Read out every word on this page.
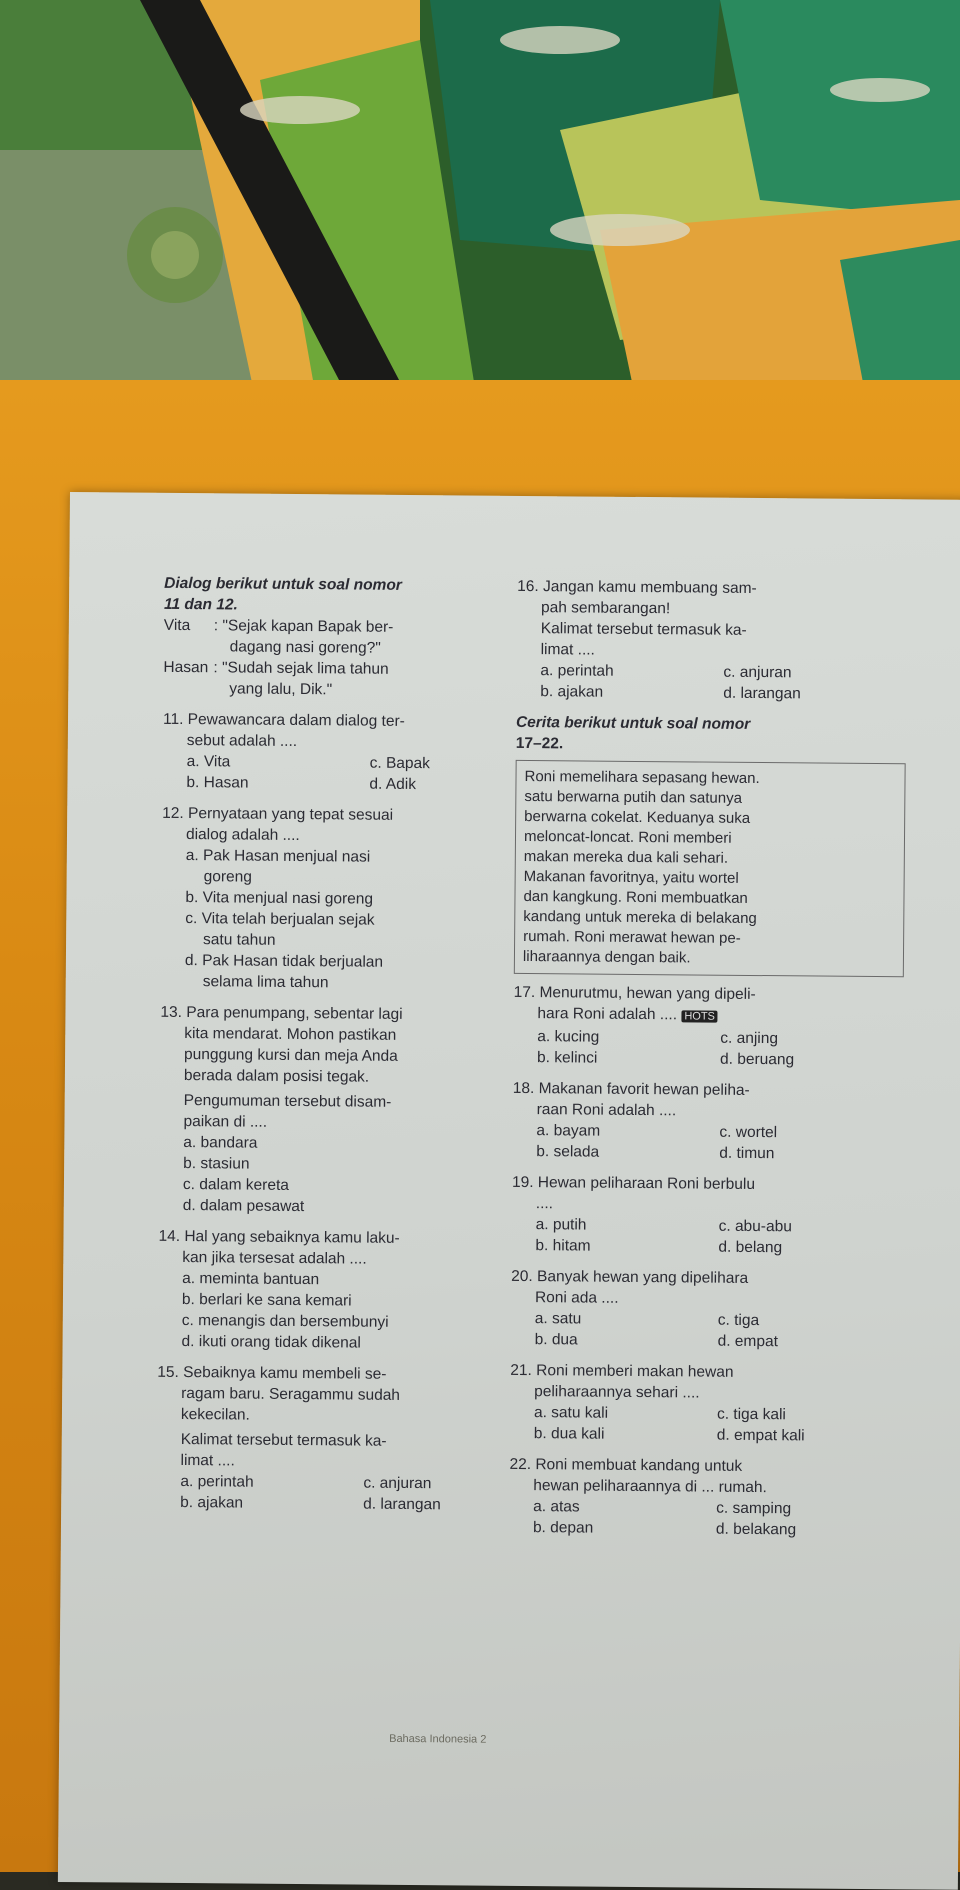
Dialog berikut untuk soal nomor
11 dan 12.
Vita	: "Sejak kapan Bapak ber-
dagang nasi goreng?"
Hasan : "Sudah sejak lima tahun
yang lalu, Dik."
11. Pewawancara dalam dialog ter-
sebut adalah ....
a. Vita	c. Bapak
b. Hasan	d. Adik
12. Pernyataan yang tepat sesuai
dialog adalah ....
a. Pak Hasan menjual nasi
goreng
b. Vita menjual nasi goreng
c. Vita telah berjualan sejak
satu tahun
d. Pak Hasan tidak berjualan
selama lima tahun
13. Para penumpang, sebentar lagi
kita mendarat. Mohon pastikan
punggung kursi dan meja Anda
berada dalam posisi tegak.
Pengumuman tersebut disam-
paikan di ....
a. bandara
b. stasiun
c. dalam kereta
d. dalam pesawat
14. Hal yang sebaiknya kamu laku-
kan jika tersesat adalah ....
a. meminta bantuan
b. berlari ke sana kemari
c. menangis dan bersembunyi
d. ikuti orang tidak dikenal
15. Sebaiknya kamu membeli se-
ragam baru. Seragammu sudah
kekecilan.
Kalimat tersebut termasuk ka-
limat ....
a. perintah	c. anjuran
b. ajakan	d. larangan
16. Jangan kamu membuang sam-
pah sembarangan!
Kalimat tersebut termasuk ka-
limat ....
a. perintah	c. anjuran
b. ajakan	d. larangan
Cerita berikut untuk soal nomor
17–22.
Roni memelihara sepasang hewan.
satu berwarna putih dan satunya
berwarna cokelat. Keduanya suka
meloncat-loncat. Roni memberi
makan mereka dua kali sehari.
Makanan favoritnya, yaitu wortel
dan kangkung. Roni membuatkan
kandang untuk mereka di belakang
rumah. Roni merawat hewan pe-
liharaannya dengan baik.
17. Menurutmu, hewan yang dipeli-
hara Roni adalah .... HOTS
a. kucing	c. anjing
b. kelinci	d. beruang
18. Makanan favorit hewan peliha-
raan Roni adalah ....
a. bayam	c. wortel
b. selada	d. timun
19. Hewan peliharaan Roni berbulu
....
a. putih	c. abu-abu
b. hitam	d. belang
20. Banyak hewan yang dipelihara
Roni ada ....
a. satu	c. tiga
b. dua	d. empat
21. Roni memberi makan hewan
peliharaannya sehari ....
a. satu kali	c. tiga kali
b. dua kali	d. empat kali
22. Roni membuat kandang untuk
hewan peliharaannya di ... rumah.
a. atas	c. samping
b. depan	d. belakang
Bahasa Indonesia 2
